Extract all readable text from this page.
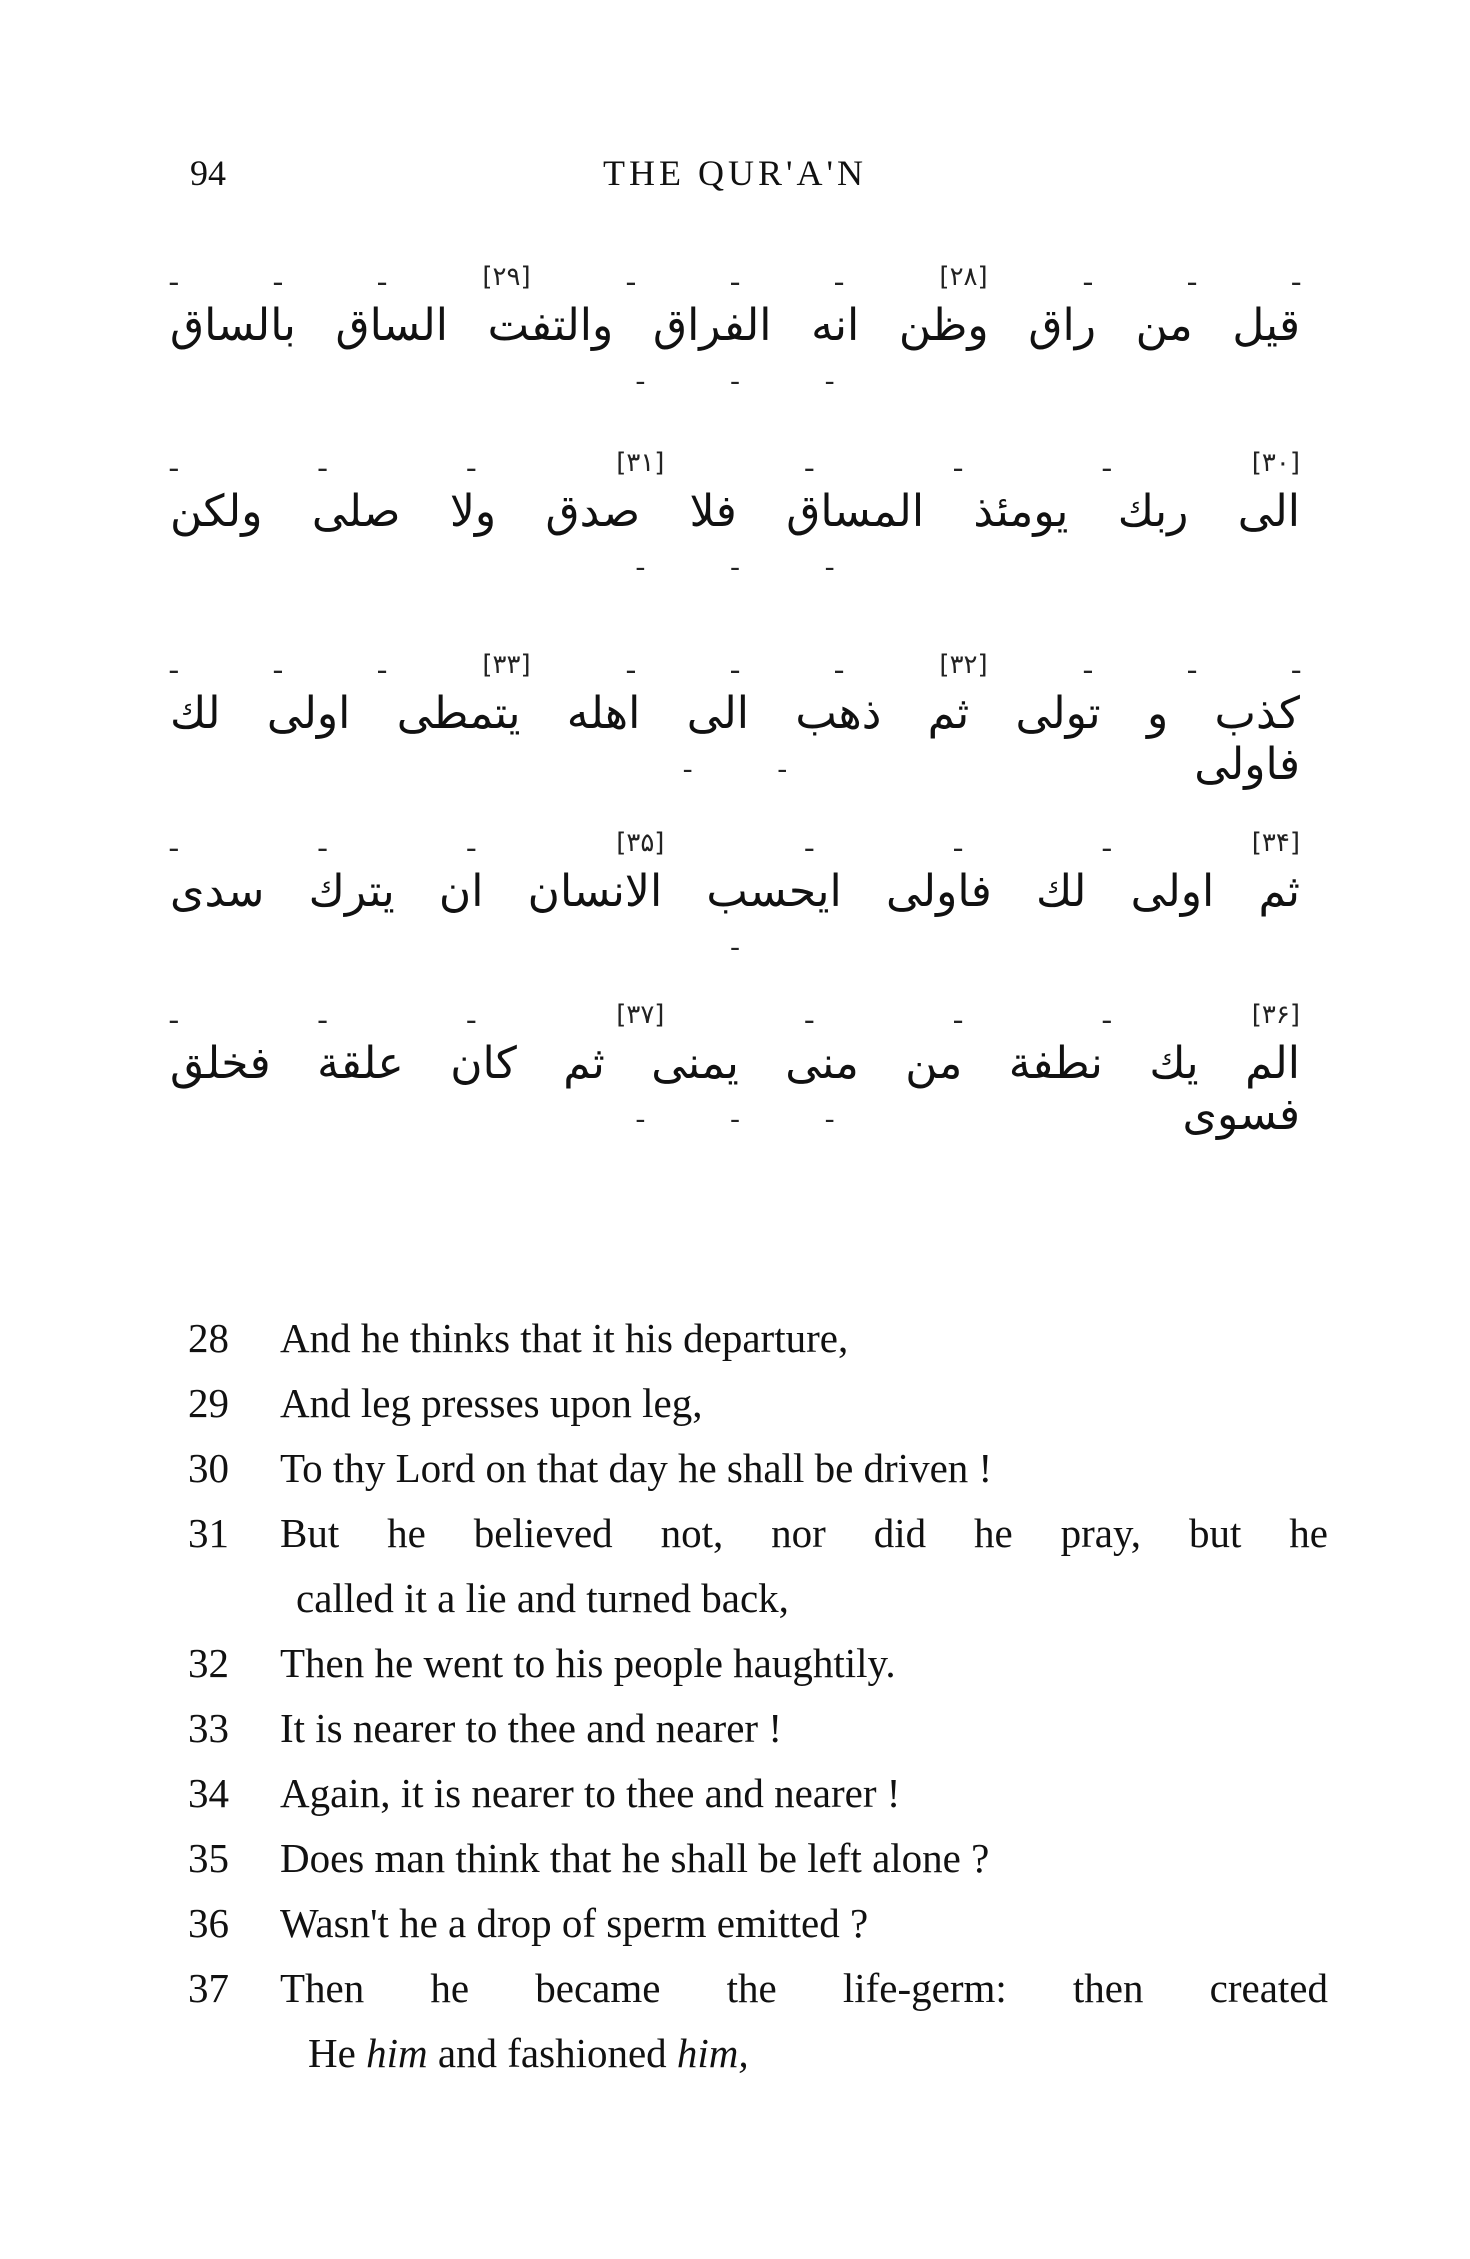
94	THE QUR'A'N
ـ ـ ـ [۲۸] ـ ـ ـ [۲۹] ـ ـ ـ
قيل من راق وظن انه الفراق والتفت الساق بالساق
ـ ـ ـ
[۳۰] ـ ـ ـ [۳۱] ـ ـ ـ
الى ربك يومئذ المساق فلا صدق ولا صلى ولكن
ـ ـ ـ
ـ ـ ـ [۳۲] ـ ـ ـ [۳۳] ـ ـ ـ
كذب و تولى ثم ذهب الى اهله يتمطى اولى لك فاولى
ـ ـ
[۳۴] ـ ـ ـ [۳۵] ـ ـ ـ
ثم اولى لك فاولى ايحسب الانسان ان يترك سدى
ـ
[۳۶] ـ ـ ـ [۳۷] ـ ـ ـ
الم يك نطفة من منى يمنى ثم كان علقة فخلق فسوى
ـ ـ ـ
28	And he thinks that it his departure,
29	And leg presses upon leg,
30	To thy Lord on that day he shall be driven !
31	But he believed not, nor did he pray, but he
called it a lie and turned back,
32	Then he went to his people haughtily.
33	It is nearer to thee and nearer !
34	Again, it is nearer to thee and nearer !
35	Does man think that he shall be left alone ?
36	Wasn't he a drop of sperm emitted ?
37	Then he became the life-germ: then created
He him and fashioned him,
